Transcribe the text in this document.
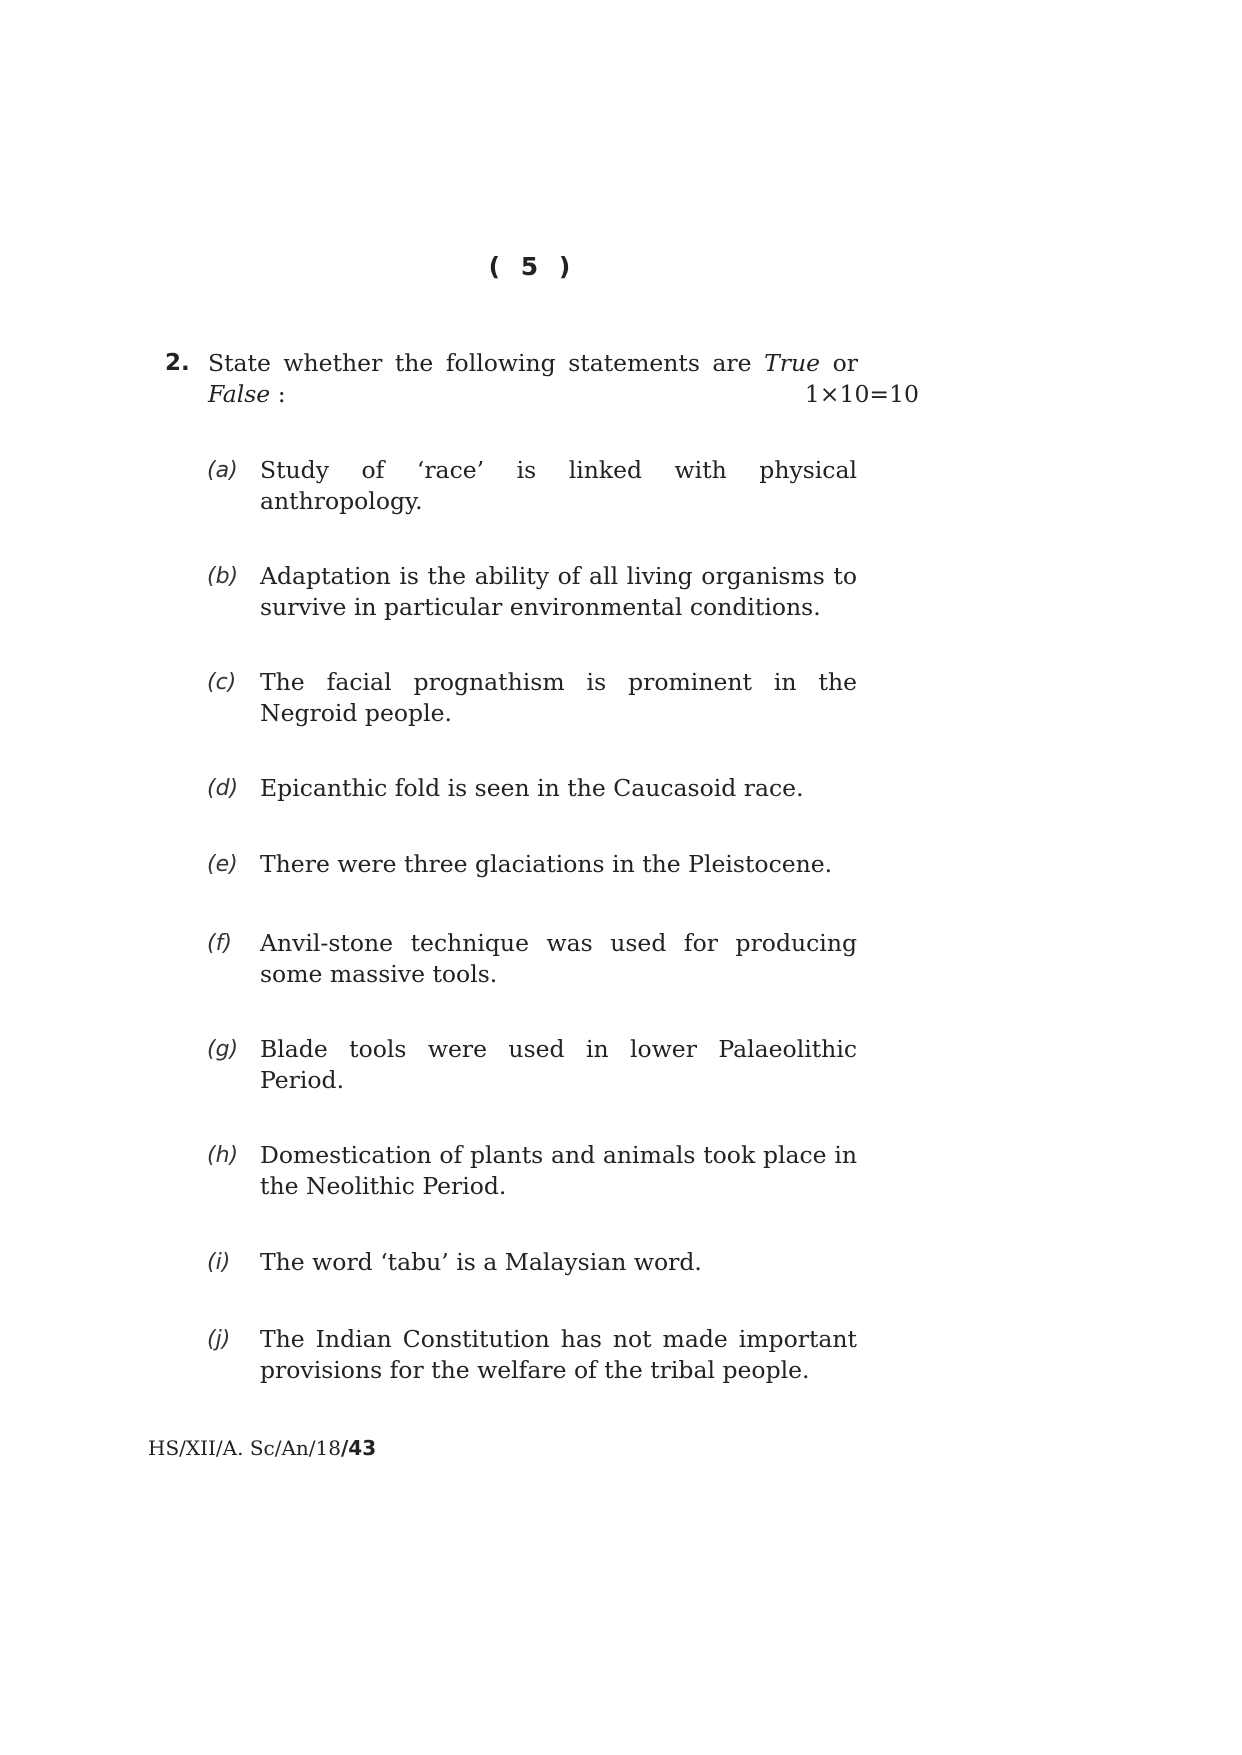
( 5 )
2. State whether the following statements are True or
False :	1×10=10
(a) Study of ‘race’ is linked with physical anthropology.
(b) Adaptation is the ability of all living organisms to survive in particular environmental conditions.
(c) The facial prognathism is prominent in the Negroid people.
(d) Epicanthic fold is seen in the Caucasoid race.
(e) There were three glaciations in the Pleistocene.
(f) Anvil-stone technique was used for producing some massive tools.
(g) Blade tools were used in lower Palaeolithic Period.
(h) Domestication of plants and animals took place in the Neolithic Period.
(i) The word ‘tabu’ is a Malaysian word.
(j) The Indian Constitution has not made important provisions for the welfare of the tribal people.
HS/XII/A. Sc/An/18/43
